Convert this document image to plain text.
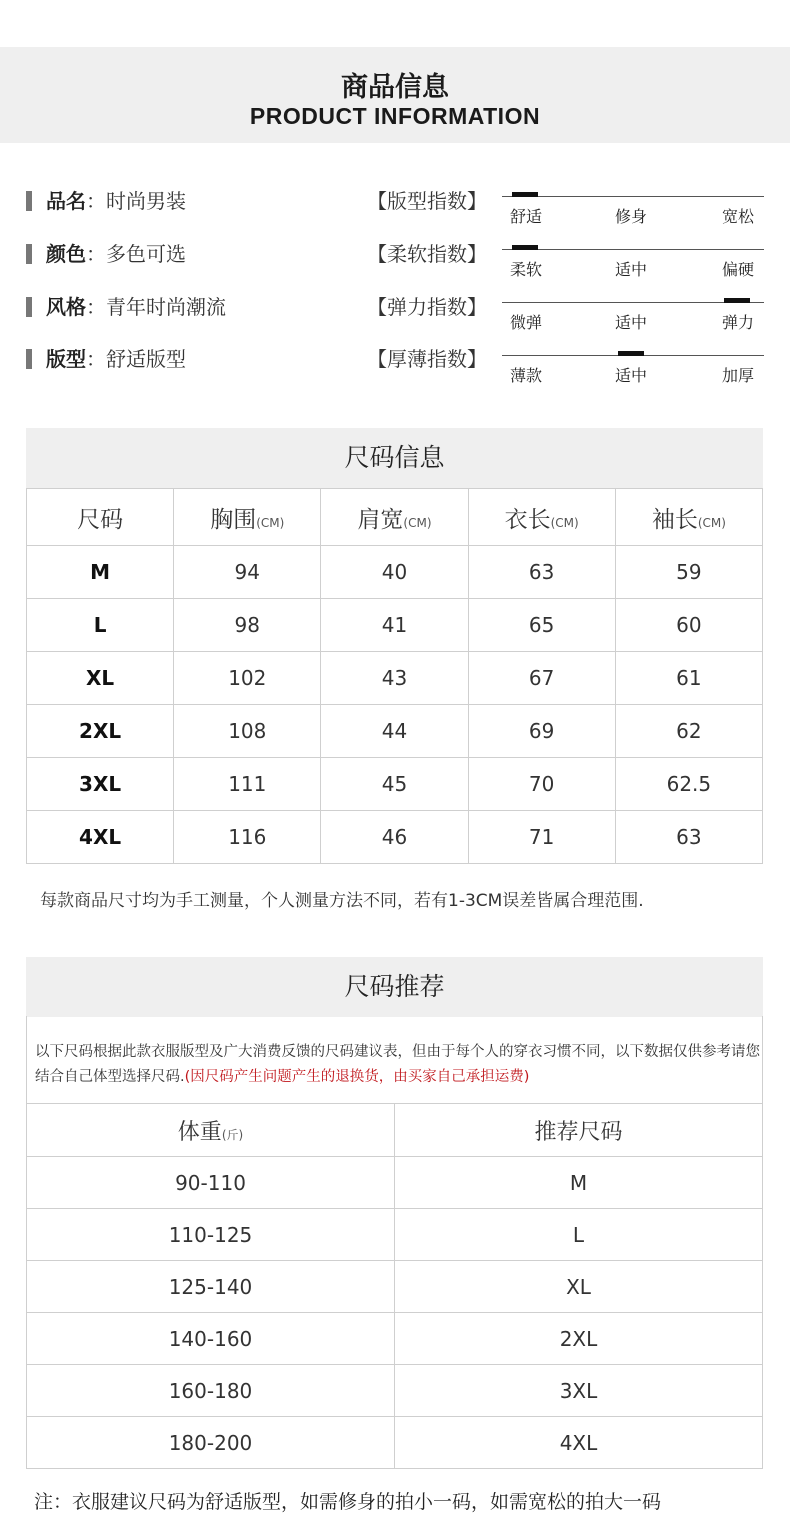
商品信息
PRODUCT INFORMATION
品名：时尚男装
颜色：多色可选
风格：青年时尚潮流
版型：舒适版型
【版型指数】
舒适	修身	宽松
【柔软指数】
柔软	适中	偏硬
【弹力指数】
微弹	适中	弹力
【厚薄指数】
薄款	适中	加厚
尺码信息
尺码	胸围(CM)	肩宽(CM)	衣长(CM)	袖长(CM)
M	94	40	63	59
L	98	41	65	60
XL	102	43	67	61
2XL	108	44	69	62
3XL	111	45	70	62.5
4XL	116	46	71	63
每款商品尺寸均为手工测量，个人测量方法不同，若有1-3CM误差皆属合理范围.
尺码推荐
以下尺码根据此款衣服版型及广大消费反馈的尺码建议表，但由于每个人的穿衣习惯不同，以下数据仅供参考请您结合自己体型选择尺码.(因尺码产生问题产生的退换货，由买家自己承担运费)
体重(斤)	推荐尺码
90-110	M
110-125	L
125-140	XL
140-160	2XL
160-180	3XL
180-200	4XL
注：衣服建议尺码为舒适版型，如需修身的拍小一码，如需宽松的拍大一码
